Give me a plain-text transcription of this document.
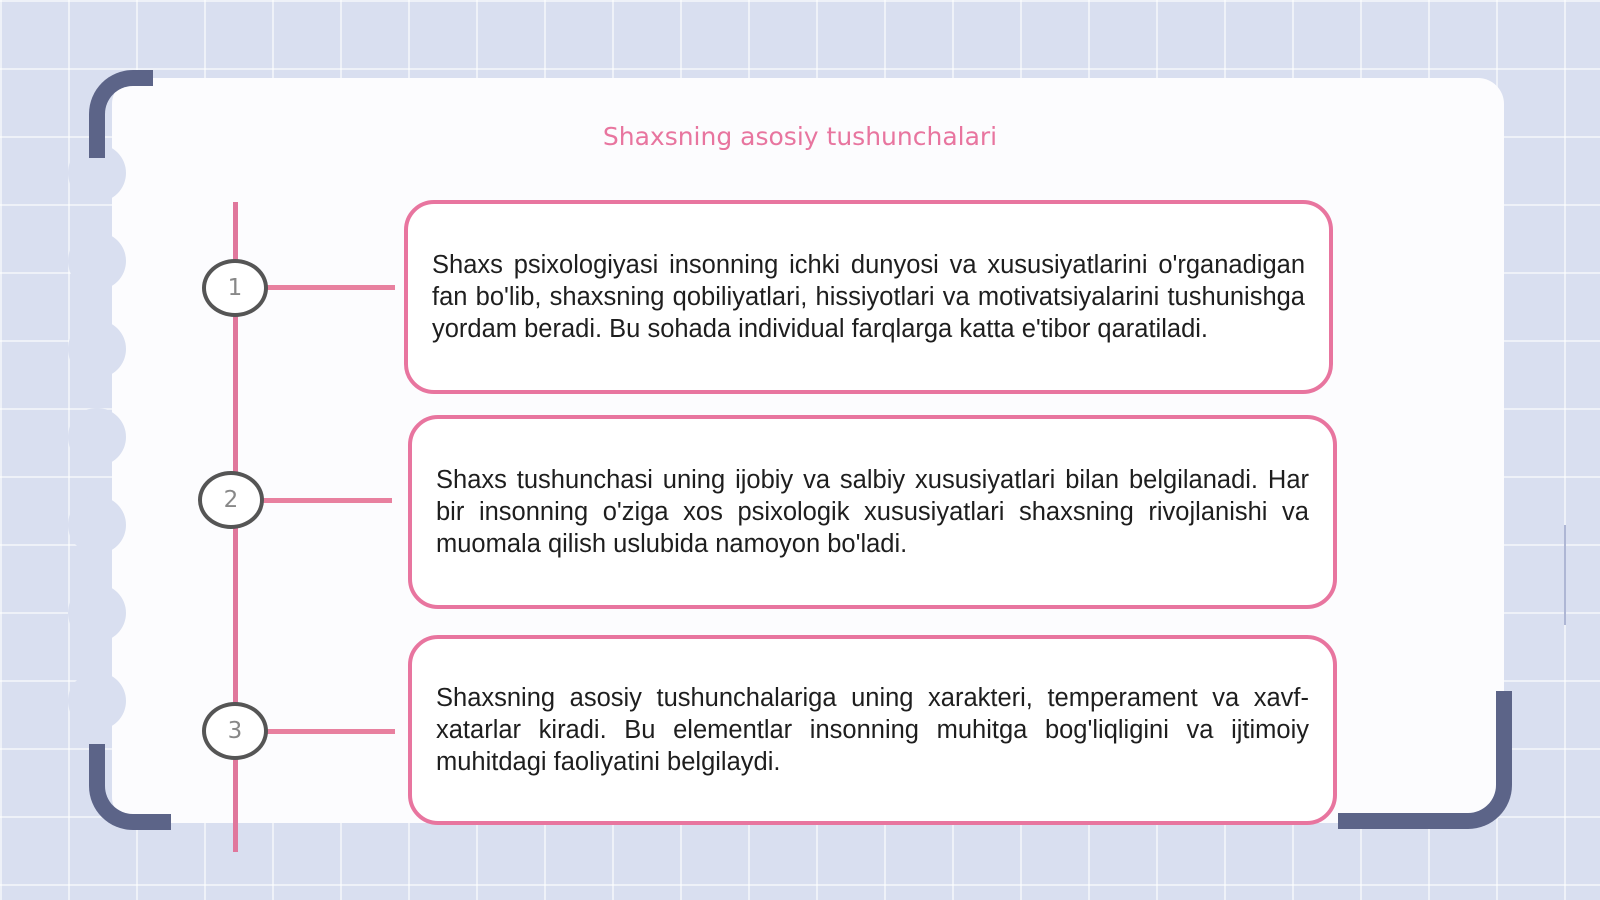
Shaxsning asosiy tushunchalari
1
2
3

Shaxs psixologiyasi insonning ichki dunyosi va xususiyatlarini o'rganadigan fan bo'lib, shaxsning qobiliyatlari, hissiyotlari va motivatsiyalarini tushunishga yordam beradi. Bu sohada individual farqlarga katta e'tibor qaratiladi.

Shaxs tushunchasi uning ijobiy va salbiy xususiyatlari bilan belgilanadi. Har bir insonning o'ziga xos psixologik xususiyatlari shaxsning rivojlanishi va muomala qilish uslubida namoyon bo'ladi.

Shaxsning asosiy tushunchalariga uning xarakteri, temperament va xavf-xatarlar kiradi. Bu elementlar insonning muhitga bog'liqligini va ijtimoiy muhitdagi faoliyatini belgilaydi.
